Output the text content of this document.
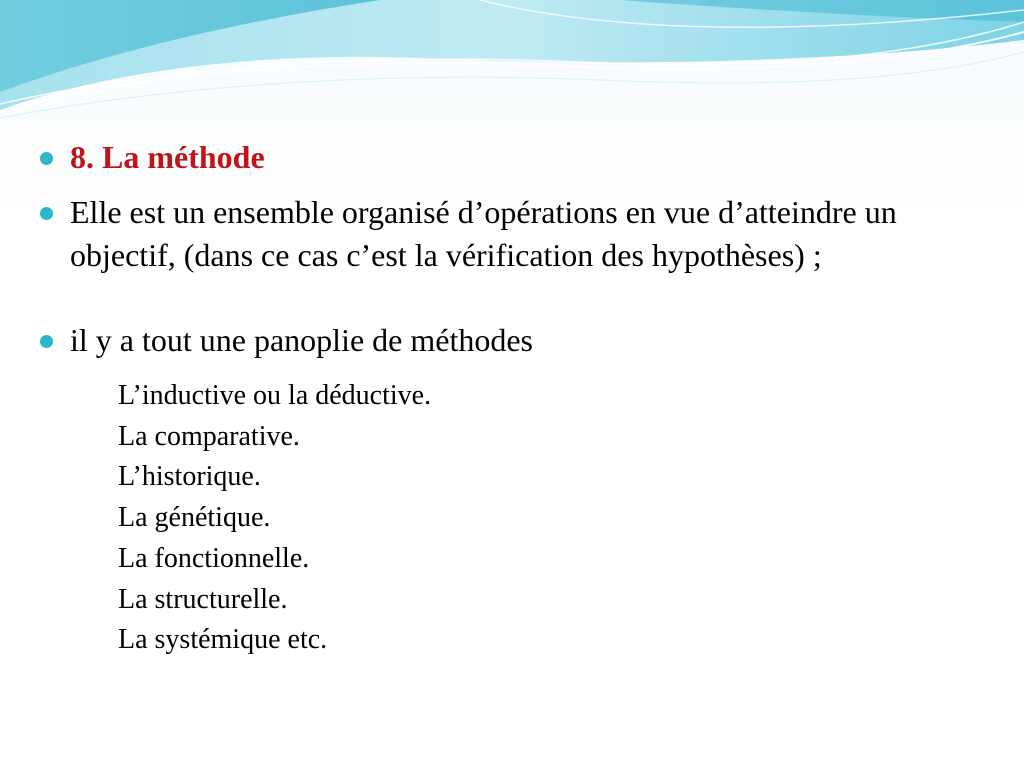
8. La méthode
Elle est un ensemble organisé d’opérations en vue d’atteindre un objectif, (dans ce cas c’est la vérification des hypothèses) ;
il y a tout une panoplie de méthodes
L’inductive ou la déductive.
La comparative.
L’historique.
La génétique.
La fonctionnelle.
La structurelle.
La systémique etc.
